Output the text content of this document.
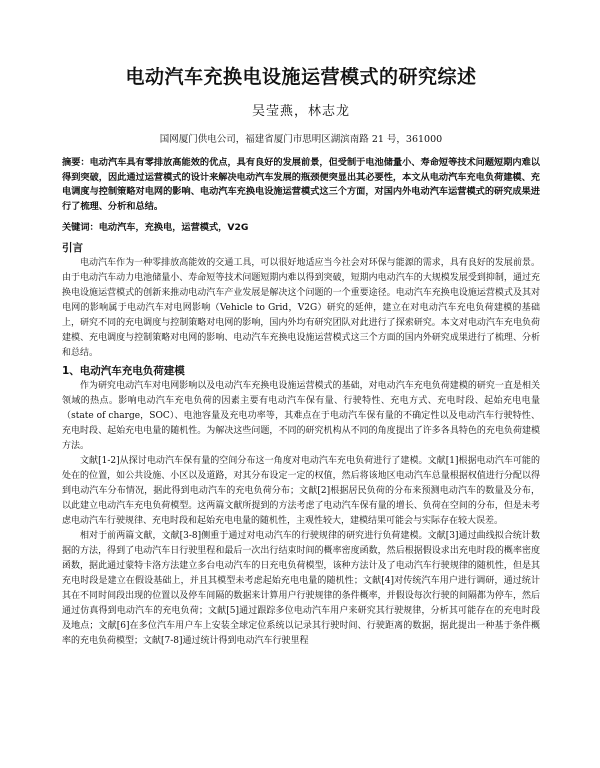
电动汽车充换电设施运营模式的研究综述
吴莹燕，林志龙
国网厦门供电公司，福建省厦门市思明区湖滨南路 21 号，361000
摘要：电动汽车具有零排放高能效的优点，具有良好的发展前景，但受制于电池储量小、寿命短等技术问题短期内难以得到突破，因此通过运营模式的设计来解决电动汽车发展的瓶颈便突显出其必要性，本文从电动汽车充电负荷建模、充电调度与控制策略对电网的影响、电动汽车充换电设施运营模式这三个方面，对国内外电动汽车运营模式的研究成果进行了梳理、分析和总结。
关键词：电动汽车，充换电，运营模式，V2G
引言

电动汽车作为一种零排放高能效的交通工具，可以很好地适应当今社会对环保与能源的需求，具有良好的发展前景。由于电动汽车动力电池储量小、寿命短等技术问题短期内难以得到突破，短期内电动汽车的大规模发展受到抑制，通过充换电设施运营模式的创新来推动电动汽车产业发展是解决这个问题的一个重要途径。电动汽车充换电设施运营模式及其对电网的影响属于电动汽车对电网影响（Vehicle to Grid，V2G）研究的延伸，建立在对电动汽车充电负荷建模的基础上，研究不同的充电调度与控制策略对电网的影响，国内外均有研究团队对此进行了探索研究。本文对电动汽车充电负荷建模、充电调度与控制策略对电网的影响、电动汽车充换电设施运营模式这三个方面的国内外研究成果进行了梳理、分析和总结。

1、电动汽车充电负荷建模

作为研究电动汽车对电网影响以及电动汽车充换电设施运营模式的基础，对电动汽车充电负荷建模的研究一直是相关领域的热点。影响电动汽车充电负荷的因素主要有电动汽车保有量、行驶特性、充电方式、充电时段、起始充电电量（state of charge，SOC）、电池容量及充电功率等，其难点在于电动汽车保有量的不确定性以及电动汽车行驶特性、充电时段、起始充电电量的随机性。为解决这些问题，不同的研究机构从不同的角度提出了许多各具特色的充电负荷建模方法。

文献[1-2]从探讨电动汽车保有量的空间分布这一角度对电动汽车充电负荷进行了建模。文献[1]根据电动汽车可能的处在的位置，如公共设施、小区以及道路，对其分布设定一定的权值，然后将该地区电动汽车总量根据权值进行分配以得到电动汽车分布情况，据此得到电动汽车的充电负荷分布；文献[2]根据居民负荷的分布来预测电动汽车的数量及分布，以此建立电动汽车充电负荷模型。这两篇文献所提到的方法考虑了电动汽车保有量的增长、负荷在空间的分布，但是未考虑电动汽车行驶规律、充电时段和起始充电电量的随机性，主观性较大，建模结果可能会与实际存在较大误差。

相对于前两篇文献，文献[3-8]侧重于通过对电动汽车的行驶规律的研究进行负荷建模。文献[3]通过曲线拟合统计数据的方法，得到了电动汽车日行驶里程和最后一次出行结束时间的概率密度函数，然后根据假设求出充电时段的概率密度函数，据此通过蒙特卡洛方法建立多台电动汽车的日充电负荷模型，该种方法计及了电动汽车行驶规律的随机性，但是其充电时段是建立在假设基础上，并且其模型未考虑起始充电电量的随机性；文献[4]对传统汽车用户进行调研，通过统计其在不同时间段出现的位置以及停车间隔的数据来计算用户行驶规律的条件概率，并假设每次行驶的间隔都为停车，然后通过仿真得到电动汽车的充电负荷；文献[5]通过跟踪多位电动汽车用户来研究其行驶规律，分析其可能存在的充电时段及地点；文献[6]在多位汽车用户车上安装全球定位系统以记录其行驶时间、行驶距离的数据，据此提出一种基于条件概率的充电负荷模型；文献[7-8]通过统计得到电动汽车行驶里程
